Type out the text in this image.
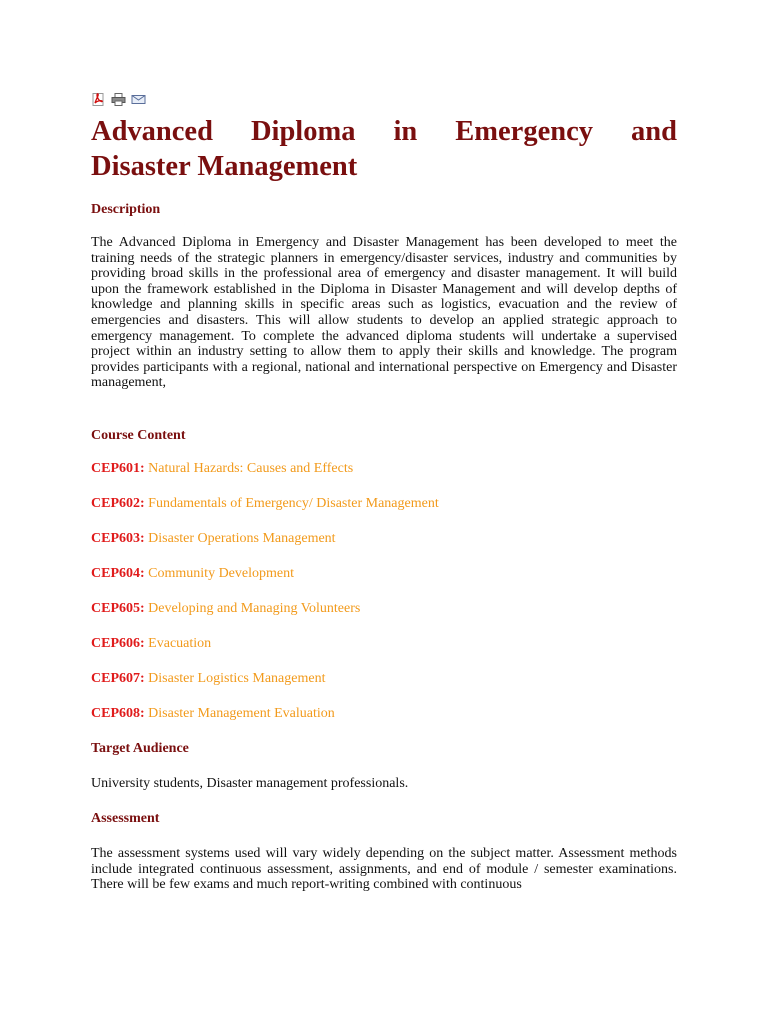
Advanced Diploma in Emergency and
Disaster Management
Description

The Advanced Diploma in Emergency and Disaster Management has been developed to meet the training needs of the strategic planners in emergency/disaster services, industry and communities by providing broad skills in the professional area of emergency and disaster management. It will build upon the framework established in the Diploma in Disaster Management and will develop depths of knowledge and planning skills in specific areas such as logistics, evacuation and the review of emergencies and disasters. This will allow students to develop an applied strategic approach to emergency management. To complete the advanced diploma students will undertake a supervised project within an industry setting to allow them to apply their skills and knowledge. The program provides participants with a regional, national and international perspective on Emergency and Disaster management,

Course Content

CEP601: Natural Hazards: Causes and Effects

CEP602: Fundamentals of Emergency/ Disaster Management

CEP603: Disaster Operations Management

CEP604: Community Development

CEP605: Developing and Managing Volunteers

CEP606: Evacuation

CEP607: Disaster Logistics Management

CEP608: Disaster Management Evaluation

Target Audience

University students, Disaster management professionals.

Assessment

The assessment systems used will vary widely depending on the subject matter. Assessment methods include integrated continuous assessment, assignments, and end of module / semester examinations. There will be few exams and much report-writing combined with continuous
